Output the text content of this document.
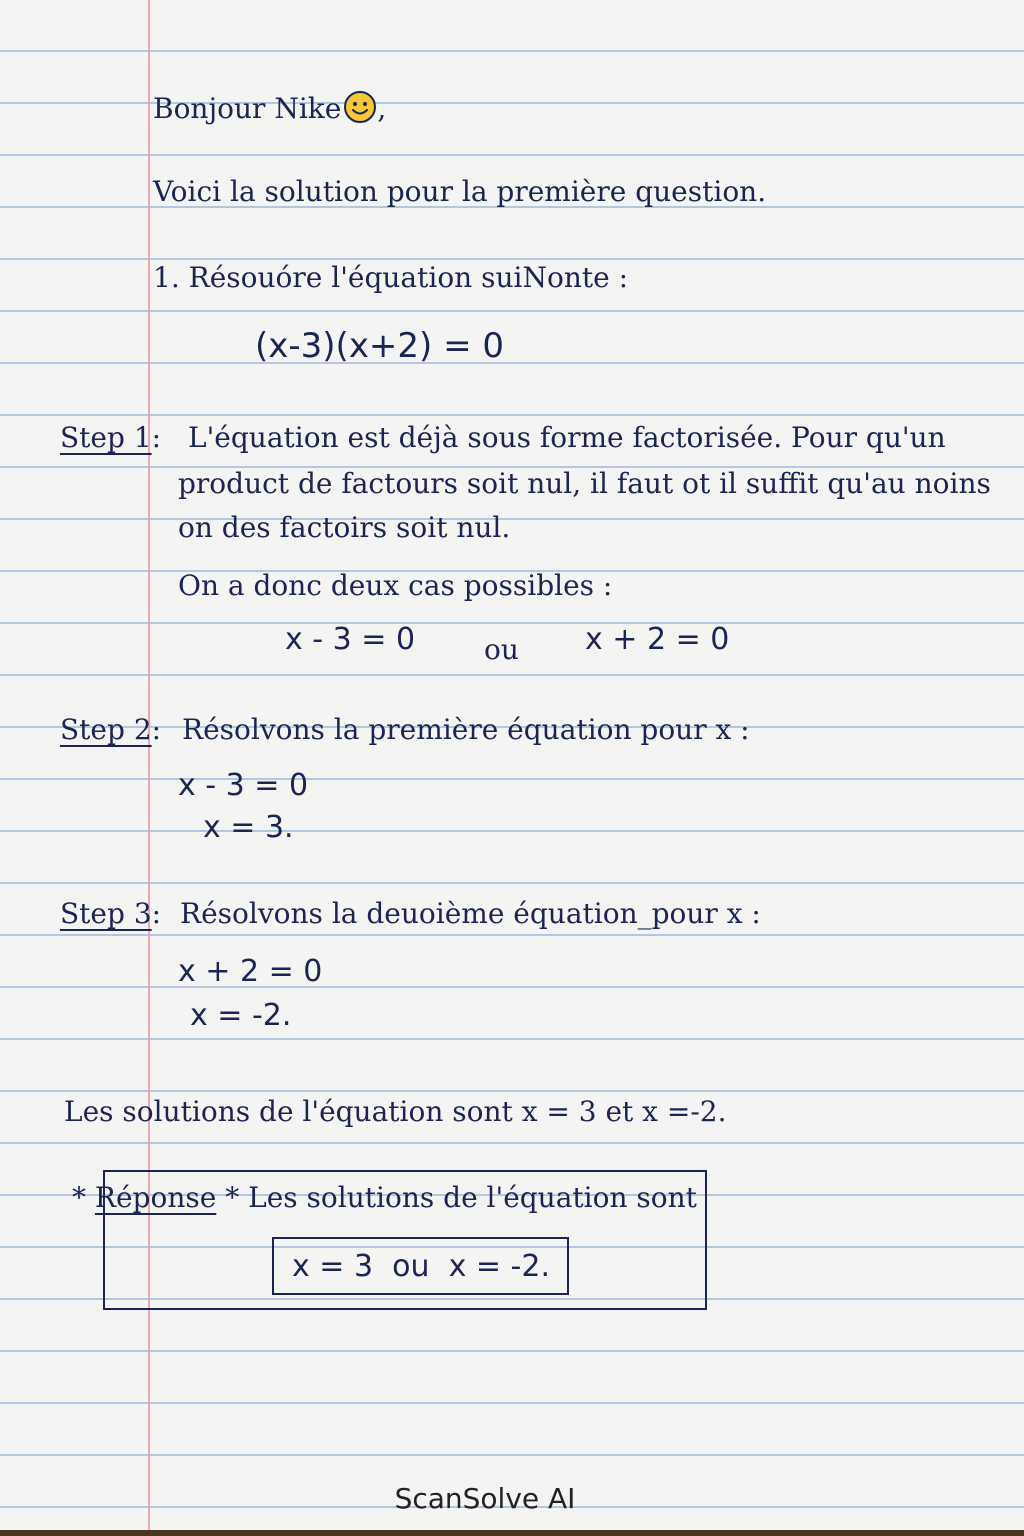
Bonjour Nike ,

Voici la solution pour la première question.

1. Résouóre l'équation suiNonte :

(x-3)(x+2) = 0

Step 1: L'équation est déjà sous forme factorisée. Pour qu'un

product de factours soit nul, il faut ot il suffit qu'au noins

on des factoirs soit nul.

On a donc deux cas possibles :

x - 3 = 0 ou x + 2 = 0

Step 2: Résolvons la première équation pour x :

x - 3 = 0

x = 3.

Step 3: Résolvons la deuoième équation_pour x :

x + 2 = 0

x = -2.

Les solutions de l'équation sont x = 3 et x =-2.

* Réponse * Les solutions de l'équation sont

x = 3  ou  x = -2.

ScanSolve AI
